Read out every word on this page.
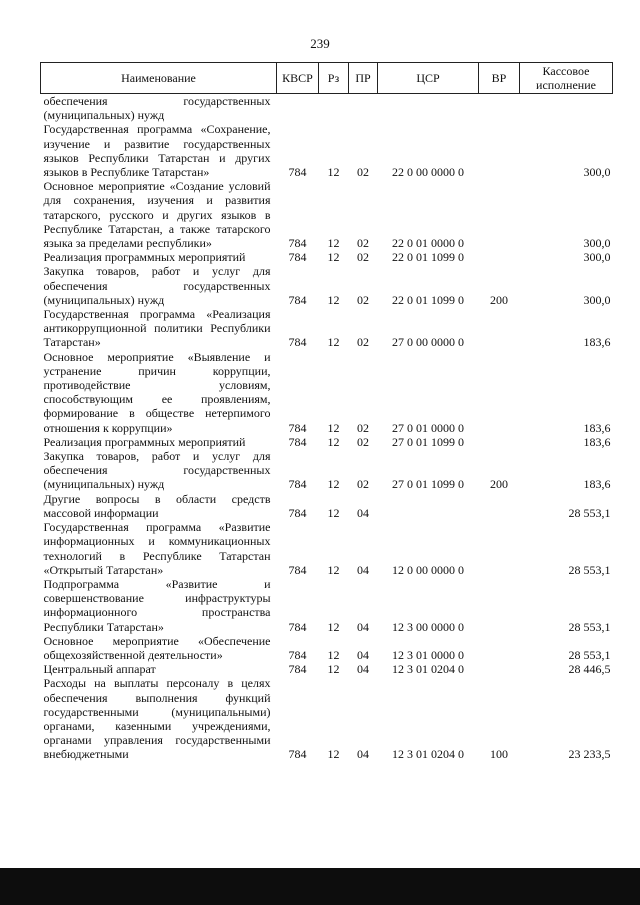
239
Наименование	КВСР	Рз	ПР	ЦСР	ВР	Кассовое исполнение
обеспечения государственных (муниципальных) нужд						
Государственная программа «Сохранение, изучение и развитие государственных языков Республики Татарстан и других языков в Республике Татарстан»	784	12	02	22 0 00 0000 0		300,0
Основное мероприятие «Создание условий для сохранения, изучения и развития татарского, русского и других языков в Республике Татарстан, а также татарского языка за пределами республики»	784	12	02	22 0 01 0000 0		300,0
Реализация программных мероприятий	784	12	02	22 0 01 1099 0		300,0
Закупка товаров, работ и услуг для обеспечения государственных (муниципальных) нужд	784	12	02	22 0 01 1099 0	200	300,0
Государственная программа «Реализация антикоррупционной политики Республики Татарстан»	784	12	02	27 0 00 0000 0		183,6
Основное мероприятие «Выявление и устранение причин коррупции, противодействие условиям, способствующим ее проявлениям, формирование в обществе нетерпимого отношения к коррупции»	784	12	02	27 0 01 0000 0		183,6
Реализация программных мероприятий	784	12	02	27 0 01 1099 0		183,6
Закупка товаров, работ и услуг для обеспечения государственных (муниципальных) нужд	784	12	02	27 0 01 1099 0	200	183,6
Другие вопросы в области средств массовой информации	784	12	04			28 553,1
Государственная программа «Развитие информационных и коммуникационных технологий в Республике Татарстан «Открытый Татарстан»	784	12	04	12 0 00 0000 0		28 553,1
Подпрограмма «Развитие и совершенствование инфраструктуры информационного пространства Республики Татарстан»	784	12	04	12 3 00 0000 0		28 553,1
Основное мероприятие «Обеспечение общехозяйственной деятельности»	784	12	04	12 3 01 0000 0		28 553,1
Центральный аппарат	784	12	04	12 3 01 0204 0		28 446,5
Расходы на выплаты персоналу в целях обеспечения выполнения функций государственными (муниципальными) органами, казенными учреждениями, органами управления государственными внебюджетными	784	12	04	12 3 01 0204 0	100	23 233,5
